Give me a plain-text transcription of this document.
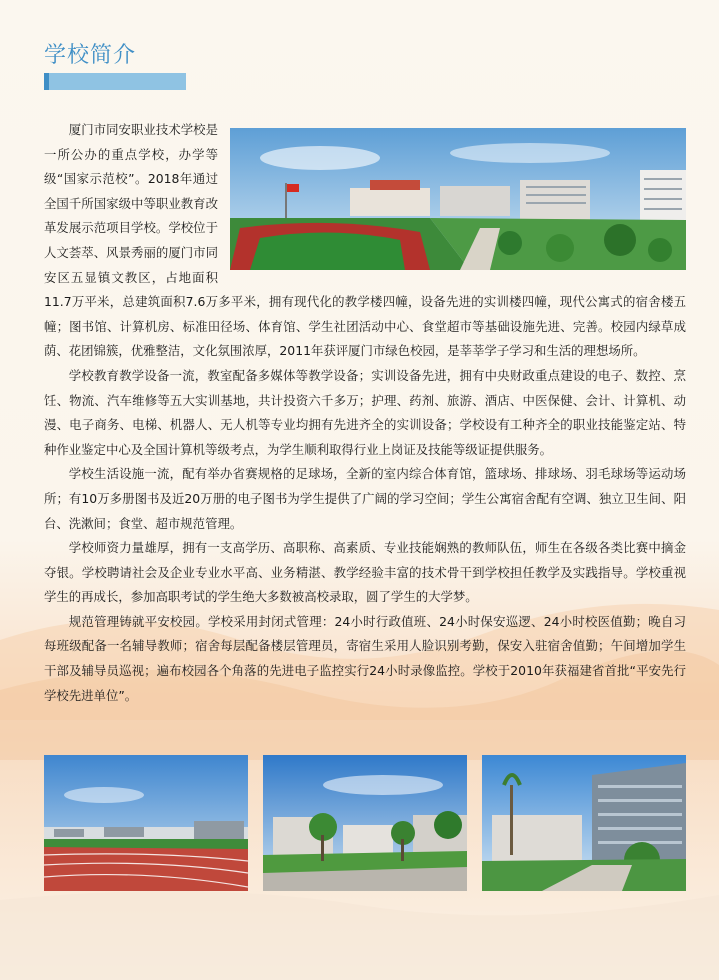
学校简介

厦门市同安职业技术学校是一所公办的重点学校，办学等级“国家示范校”。2018年通过全国千所国家级中等职业教育改革发展示范项目学校。学校位于人文荟萃、风景秀丽的厦门市同安区五显镇文教区，占地面积11.7万平米，总建筑面积7.6万多平米，拥有现代化的教学楼四幢，设备先进的实训楼四幢，现代公寓式的宿舍楼五幢；图书馆、计算机房、标准田径场、体育馆、学生社团活动中心、食堂超市等基础设施先进、完善。校园内绿草成荫、花团锦簇，优雅整洁，文化氛围浓厚，2011年获评厦门市绿色校园，是莘莘学子学习和生活的理想场所。

学校教育教学设备一流，教室配备多媒体等教学设备；实训设备先进，拥有中央财政重点建设的电子、数控、烹饪、物流、汽车维修等五大实训基地，共计投资六千多万；护理、药剂、旅游、酒店、中医保健、会计、计算机、动漫、电子商务、电梯、机器人、无人机等专业均拥有先进齐全的实训设备；学校设有工种齐全的职业技能鉴定站、特种作业鉴定中心及全国计算机等级考点，为学生顺利取得行业上岗证及技能等级证提供服务。

学校生活设施一流，配有举办省赛规格的足球场，全新的室内综合体育馆，篮球场、排球场、羽毛球场等运动场所；有10万多册图书及近20万册的电子图书为学生提供了广阔的学习空间；学生公寓宿舍配有空调、独立卫生间、阳台、洗漱间；食堂、超市规范管理。

学校师资力量雄厚，拥有一支高学历、高职称、高素质、专业技能娴熟的教师队伍，师生在各级各类比赛中摘金夺银。学校聘请社会及企业专业水平高、业务精湛、教学经验丰富的技术骨干到学校担任教学及实践指导。学校重视学生的再成长，参加高职考试的学生绝大多数被高校录取，圆了学生的大学梦。

规范管理铸就平安校园。学校采用封闭式管理：24小时行政值班、24小时保安巡逻、24小时校医值勤；晚自习每班级配备一名辅导教师；宿舍每层配备楼层管理员，寄宿生采用人脸识别考勤，保安入驻宿舍值勤；午间增加学生干部及辅导员巡视；遍布校园各个角落的先进电子监控实行24小时录像监控。学校于2010年获福建省首批“平安先行学校先进单位”。
